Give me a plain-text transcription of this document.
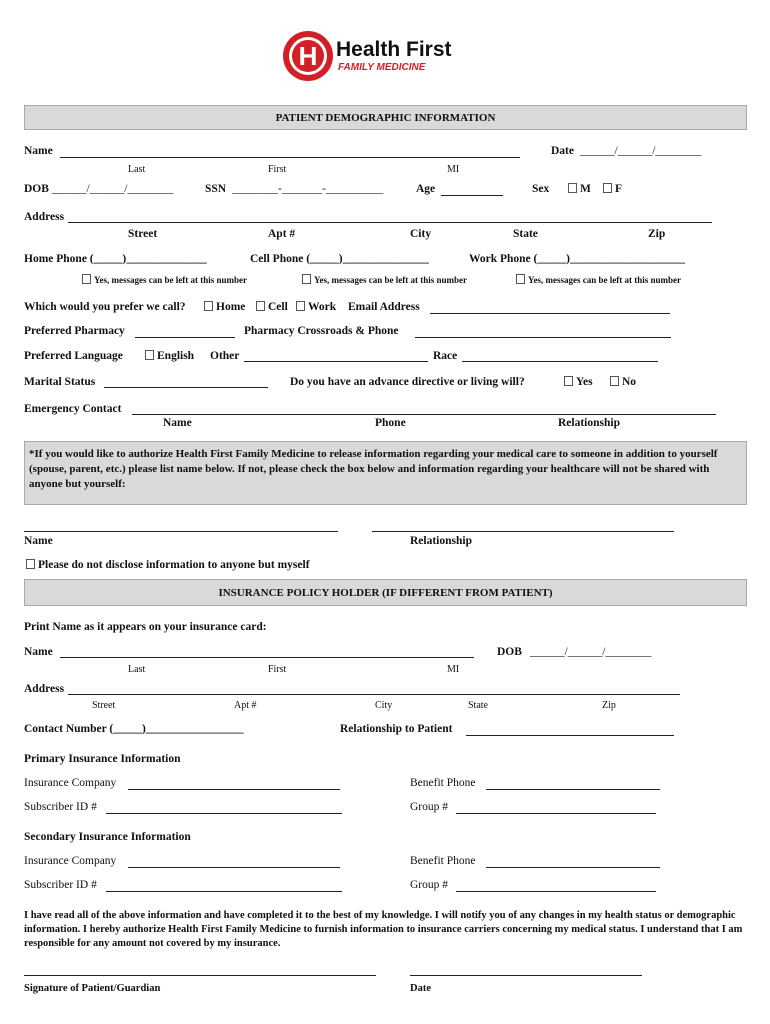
H Health First
FAMILY MEDICINE
PATIENT DEMOGRAPHIC INFORMATION
Name	Date ______/______/________
Last	First	MI
DOB ______/______/________	SSN ________-_______-__________	Age	Sex	M	F
Address
Street	Apt #	City	State	Zip
Home Phone (_____)______________	Cell Phone (_____)_______________	Work Phone (_____)____________________
Yes, messages can be left at this number	Yes, messages can be left at this number	Yes, messages can be left at this number
Which would you prefer we call?	Home	Cell	Work Email Address
Preferred Pharmacy	Pharmacy Crossroads & Phone
Preferred Language	English Other	Race
Marital Status	Do you have an advance directive or living will?	Yes	No
Emergency Contact
Name	Phone	Relationship
*If you would like to authorize Health First Family Medicine to release information regarding your medical care to someone in addition to yourself (spouse, parent, etc.) please list name below. If not, please check the box below and information regarding your healthcare will not be shared with anyone but yourself:
Name	Relationship
Please do not disclose information to anyone but myself
INSURANCE POLICY HOLDER (IF DIFFERENT FROM PATIENT)
Print Name as it appears on your insurance card:
Name	DOB ______/______/________
Last	First	MI
Address
Street	Apt #	City	State	Zip
Contact Number (_____)_________________	Relationship to Patient
Primary Insurance Information
Insurance Company	Benefit Phone
Subscriber ID #	Group #
Secondary Insurance Information
Insurance Company	Benefit Phone
Subscriber ID #	Group #
I have read all of the above information and have completed it to the best of my knowledge. I will notify you of any changes in my health status or demographic information. I hereby authorize Health First Family Medicine to furnish information to insurance carriers concerning my medical status. I understand that I am responsible for any amount not covered by my insurance.
Signature of Patient/Guardian	Date
